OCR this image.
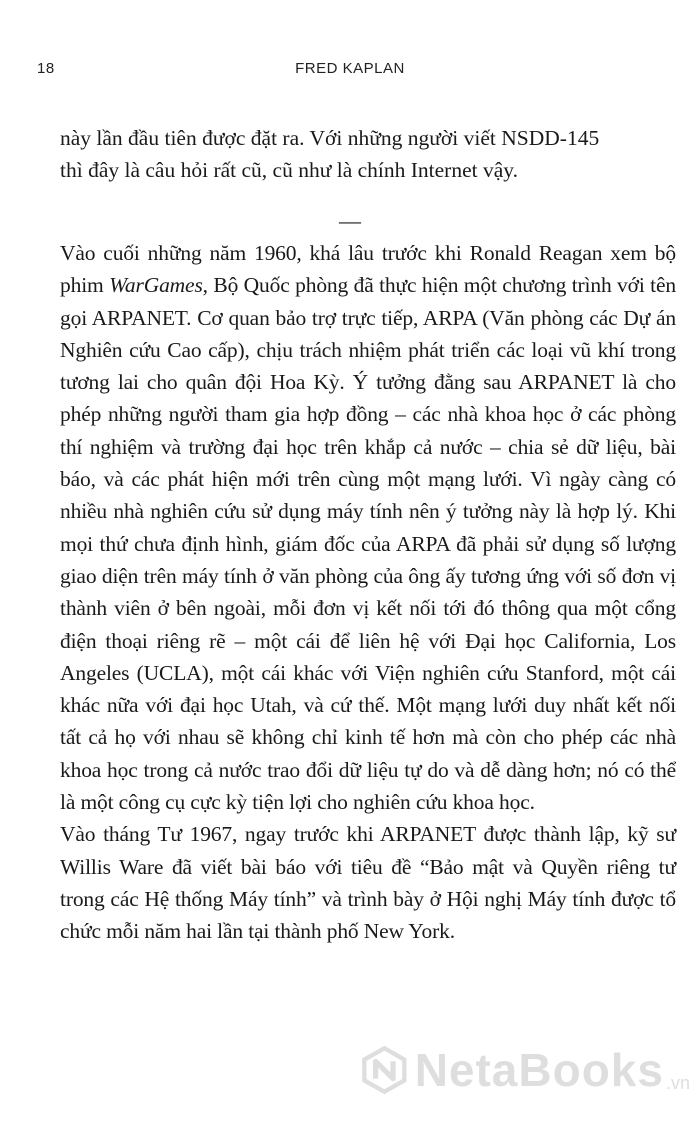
18	FRED KAPLAN

này lần đầu tiên được đặt ra. Với những người viết NSDD-145

thì đây là câu hỏi rất cũ, cũ như là chính Internet vậy.

—

Vào cuối những năm 1960, khá lâu trước khi Ronald Reagan xem bộ phim WarGames, Bộ Quốc phòng đã thực hiện một chương trình với tên gọi ARPANET. Cơ quan bảo trợ trực tiếp, ARPA (Văn phòng các Dự án Nghiên cứu Cao cấp), chịu trách nhiệm phát triển các loại vũ khí trong tương lai cho quân đội Hoa Kỳ. Ý tưởng đằng sau ARPANET là cho phép những người tham gia hợp đồng – các nhà khoa học ở các phòng thí nghiệm và trường đại học trên khắp cả nước – chia sẻ dữ liệu, bài báo, và các phát hiện mới trên cùng một mạng lưới. Vì ngày càng có nhiều nhà nghiên cứu sử dụng máy tính nên ý tưởng này là hợp lý. Khi mọi thứ chưa định hình, giám đốc của ARPA đã phải sử dụng số lượng giao diện trên máy tính ở văn phòng của ông ấy tương ứng với số đơn vị thành viên ở bên ngoài, mỗi đơn vị kết nối tới đó thông qua một cổng điện thoại riêng rẽ – một cái để liên hệ với Đại học California, Los Angeles (UCLA), một cái khác với Viện nghiên cứu Stanford, một cái khác nữa với đại học Utah, và cứ thế. Một mạng lưới duy nhất kết nối tất cả họ với nhau sẽ không chỉ kinh tế hơn mà còn cho phép các nhà khoa học trong cả nước trao đổi dữ liệu tự do và dễ dàng hơn; nó có thể là một công cụ cực kỳ tiện lợi cho nghiên cứu khoa học.

Vào tháng Tư 1967, ngay trước khi ARPANET được thành lập, kỹ sư Willis Ware đã viết bài báo với tiêu đề “Bảo mật và Quyền riêng tư trong các Hệ thống Máy tính” và trình bày ở Hội nghị Máy tính được tổ chức mỗi năm hai lần tại thành phố New York.

NetaBooks .vn
